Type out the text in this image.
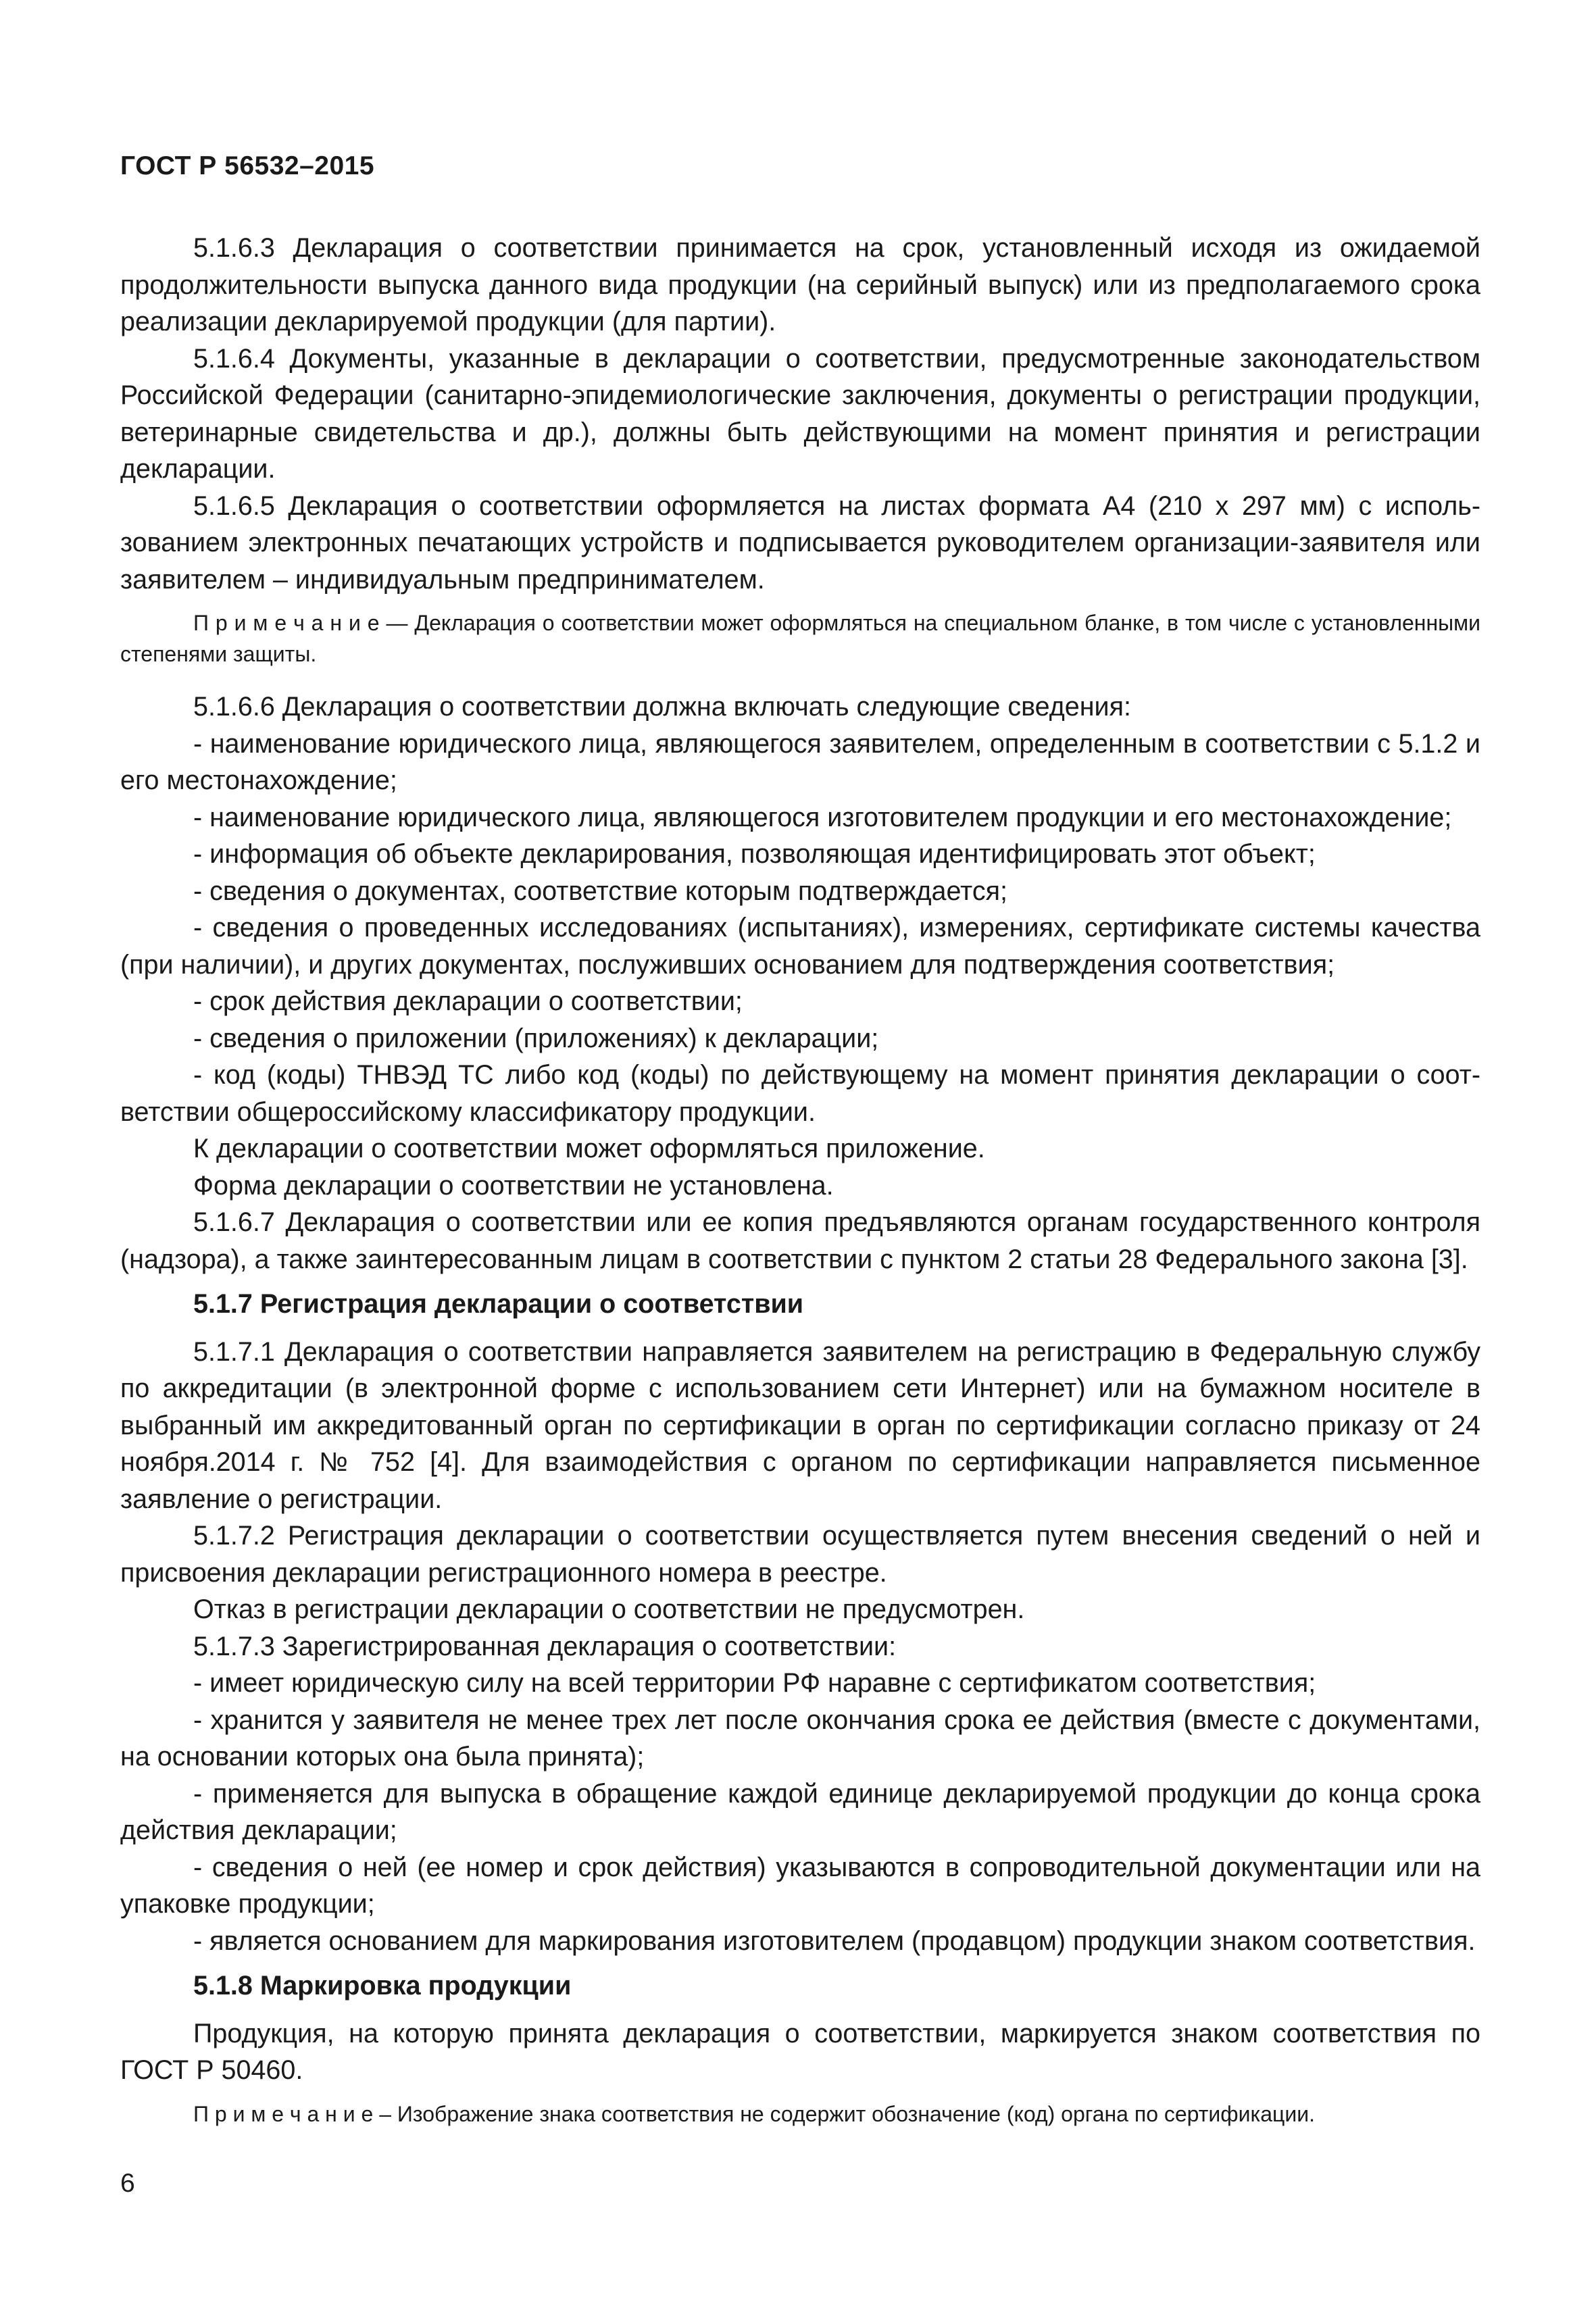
ГОСТ Р 56532–2015

5.1.6.3 Декларация о соответствии принимается на срок, установленный исходя из ожидаемой продолжительности выпуска данного вида продукции (на серийный выпуск) или из предполагаемого срока реализации декларируемой продукции (для партии).

5.1.6.4 Документы, указанные в декларации о соответствии, предусмотренные законодательством Российской Федерации (санитарно-эпидемиологические заключения, документы о регистрации продукции, ветеринарные свидетельства и др.), должны быть действующими на момент принятия и регистрации декларации.

5.1.6.5 Декларация о соответствии оформляется на листах формата А4 (210 x 297 мм) с использованием электронных печатающих устройств и подписывается руководителем организации-заявителя или заявителем – индивидуальным предпринимателем.

П р и м е ч а н и е — Декларация о соответствии может оформляться на специальном бланке, в том числе с установленными степенями защиты.

5.1.6.6 Декларация о соответствии должна включать следующие сведения:

- наименование юридического лица, являющегося заявителем, определенным в соответствии с 5.1.2 и его местонахождение;

- наименование юридического лица, являющегося изготовителем продукции и его местонахождение;

- информация об объекте декларирования, позволяющая идентифицировать этот объект;

- сведения о документах, соответствие которым подтверждается;

- сведения о проведенных исследованиях (испытаниях), измерениях, сертификате системы качества (при наличии), и других документах, послуживших основанием для подтверждения соответствия;

- срок действия декларации о соответствии;

- сведения о приложении (приложениях) к декларации;

- код (коды) ТНВЭД ТС либо код (коды) по действующему на момент принятия декларации о соответствии общероссийскому классификатору продукции.

К декларации о соответствии может оформляться приложение.

Форма декларации о соответствии не установлена.

5.1.6.7 Декларация о соответствии или ее копия предъявляются органам государственного контроля (надзора), а также заинтересованным лицам в соответствии с пунктом 2 статьи 28 Федерального закона [3].

5.1.7 Регистрация декларации о соответствии

5.1.7.1 Декларация о соответствии направляется заявителем на регистрацию в Федеральную службу по аккредитации (в электронной форме с использованием сети Интернет) или на бумажном носителе в выбранный им аккредитованный орган по сертификации в орган по сертификации согласно приказу от 24 ноября.2014 г. № 752 [4]. Для взаимодействия с органом по сертификации направляется письменное заявление о регистрации.

5.1.7.2 Регистрация декларации о соответствии осуществляется путем внесения сведений о ней и присвоения декларации регистрационного номера в реестре.

Отказ в регистрации декларации о соответствии не предусмотрен.

5.1.7.3 Зарегистрированная декларация о соответствии:

- имеет юридическую силу на всей территории РФ наравне с сертификатом соответствия;

- хранится у заявителя не менее трех лет после окончания срока ее действия (вместе с документами, на основании которых она была принята);

- применяется для выпуска в обращение каждой единице декларируемой продукции до конца срока действия декларации;

- сведения о ней (ее номер и срок действия) указываются в сопроводительной документации или на упаковке продукции;

- является основанием для маркирования изготовителем (продавцом) продукции знаком соответствия.

5.1.8 Маркировка продукции

Продукция, на которую принята декларация о соответствии, маркируется знаком соответствия по ГОСТ Р 50460.

П р и м е ч а н и е – Изображение знака соответствия не содержит обозначение (код) органа по сертификации.

6
